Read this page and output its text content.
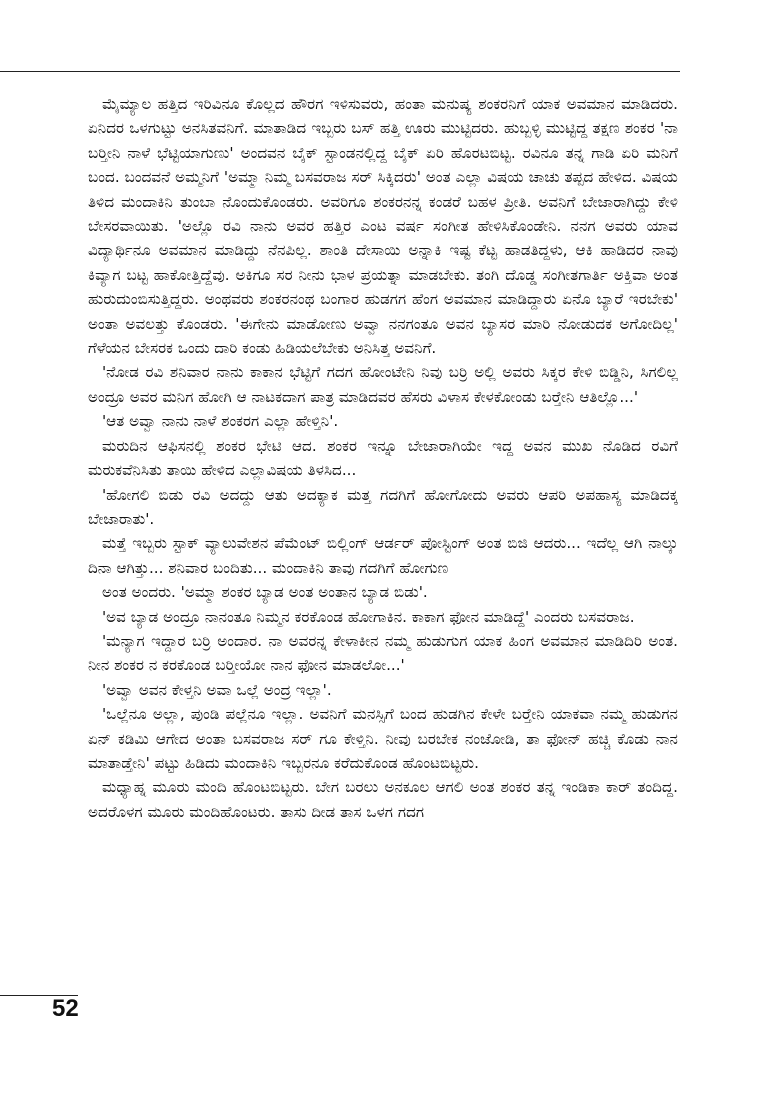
ಮೈಮ್ಯಾಲ ಹತ್ತಿದ ಇರಿವಿನೂ ಕೊಲ್ಲದ ಹೌರಗ ಇಳಿಸುವರು, ಹಂತಾ ಮನುಷ್ಯ ಶಂಕರನಿಗೆ ಯಾಕ ಅವಮಾನ ಮಾಡಿದರು. ಏನಿದರ ಒಳಗುಟ್ಟು ಅನಸಿತವನಿಗೆ. ಮಾತಾಡಿದ ಇಬ್ಬರು ಬಸ್ ಹತ್ತಿ ಊರು ಮುಟ್ಟಿದರು. ಹುಬ್ಬಳ್ಳಿ ಮುಟ್ಟಿದ್ದ ತಕ್ಷಣ ಶಂಕರ 'ನಾ ಬರ್‍ತೀನಿ ನಾಳೆ ಭೆಟ್ಟಿಯಾಗುಣು' ಅಂದವನ ಬೈಕ್ ಸ್ಟಾಂಡನಲ್ಲಿದ್ದ ಬೈಕ್ ಏರಿ ಹೊರಟಬಿಟ್ಟ. ರವಿನೂ ತನ್ನ ಗಾಡಿ ಏರಿ ಮನಿಗೆ ಬಂದ. ಬಂದವನೆ ಅಮ್ಮನಿಗೆ 'ಅಮ್ಮಾ ನಿಮ್ಮ ಬಸವರಾಜ ಸರ್ ಸಿಕ್ಕಿದರು' ಅಂತ ಎಲ್ಲಾ ವಿಷಯ ಚಾಚು ತಪ್ಪದ ಹೇಳಿದ. ವಿಷಯ ತಿಳಿದ ಮಂದಾಕಿನಿ ತುಂಬಾ ನೊಂದುಕೊಂಡರು. ಅವರಿಗೂ ಶಂಕರನನ್ನ ಕಂಡರೆ ಬಹಳ ಪ್ರೀತಿ. ಅವನಿಗೆ ಬೇಜಾರಾಗಿದ್ದು ಕೇಳಿ ಬೇಸರವಾಯಿತು. 'ಅಲ್ಲೊ ರವಿ ನಾನು ಅವರ ಹತ್ತಿರ ಎಂಟ ವರ್ಷ ಸಂಗೀತ ಹೇಳಿಸಿಕೊಂಡೇನಿ. ನನಗ ಅವರು ಯಾವ ವಿದ್ಯಾರ್ಥಿನೂ ಅವಮಾನ ಮಾಡಿದ್ದು ನೆನಪಿಲ್ಲ. ಶಾಂತಿ ದೇಸಾಯಿ ಅನ್ನಾಕಿ ಇಷ್ಟ ಕೆಟ್ಟ ಹಾಡತಿದ್ದಳು, ಆಕಿ ಹಾಡಿದರ ನಾವು ಕಿವ್ಯಾಗ ಬಟ್ಟ ಹಾಕೋತ್ತಿದ್ದೆವು. ಅಕಿಗೂ ಸರ ನೀನು ಭಾಳ ಪ್ರಯತ್ನಾ ಮಾಡಬೇಕು. ತಂಗಿ ದೊಡ್ಡ ಸಂಗೀತಗಾರ್ತಿ ಅಕ್ತಿವಾ ಅಂತ ಹುರುದುಂಬಿಸುತ್ತಿದ್ದರು. ಅಂಥವರು ಶಂಕರನಂಥ ಬಂಗಾರ ಹುಡಗಗ ಹೆಂಗ ಅವಮಾನ ಮಾಡಿದ್ದಾರು ಏನೊ ಬ್ಯಾರೆ ಇರಬೇಕು' ಅಂತಾ ಅವಲತ್ತು ಕೊಂಡರು. 'ಈಗೇನು ಮಾಡೋಣು ಅವ್ವಾ ನನಗಂತೂ ಅವನ ಬ್ಯಾಸರ ಮಾರಿ ನೋಡುದಕ ಅಗೋದಿಲ್ಲ' ಗೆಳೆಯನ ಬೇಸರಕ ಒಂದು ದಾರಿ ಕಂಡು ಹಿಡಿಯಲೆಬೇಕು ಅನಿಸಿತ್ತ ಅವನಿಗೆ.

'ನೋಡ ರವಿ ಶನಿವಾರ ನಾನು ಕಾಕಾನ ಭೆಟ್ಟಿಗೆ ಗದಗ ಹೋಂಟೇನಿ ನಿವು ಬರ್‍ರಿ ಅಲ್ಲಿ ಅವರು ಸಿಕ್ಕರ ಕೇಳಿ ಬಿಡ್ಡಿನಿ, ಸಿಗಲಿಲ್ಲ ಅಂದ್ರೂ ಅವರ ಮನಿಗ ಹೋಗಿ ಆ ನಾಟಕದಾಗ ಪಾತ್ರ ಮಾಡಿದವರ ಹೆಸರು ವಿಳಾಸ ಕೇಳಕೋಂಡು ಬರ್‍ತೇನಿ ಆತಿಲ್ಲೊ...'

'ಆತ ಅವ್ವಾ ನಾನು ನಾಳೆ ಶಂಕರಗ ಎಲ್ಲಾ ಹೇಳ್ತಿನಿ'.

ಮರುದಿನ ಆಫಿಸನಲ್ಲಿ ಶಂಕರ ಭೇಟಿ ಆದ. ಶಂಕರ ಇನ್ನೂ ಬೇಜಾರಾಗಿಯೇ ಇದ್ದ ಅವನ ಮುಖ ನೊಡಿದ ರವಿಗೆ ಮರುಕವೆನಿಸಿತು ತಾಯಿ ಹೇಳಿದ ಎಲ್ಲಾವಿಷಯ ತಿಳಸಿದ...

'ಹೋಗಲಿ ಬಿಡು ರವಿ ಅದದ್ದು ಆತು ಅದಕ್ಯಾಕ ಮತ್ತ ಗದಗಿಗೆ ಹೋಗೋದು ಅವರು ಆಪರಿ ಅಪಹಾಸ್ಯ ಮಾಡಿದಕ್ಕ ಬೇಜಾರಾತು'.

ಮತ್ತೆ ಇಬ್ಬರು ಸ್ಟಾಕ್ ವ್ಯಾಲುವೇಶನ ಪೆಮೆಂಟ್ ಬಿಲ್ಲಿಂಗ್ ಆರ್ಡರ್ ಪೋಸ್ಟಿಂಗ್ ಅಂತ ಬಿಜಿ ಆದರು... ಇದೆಲ್ಲ ಆಗಿ ನಾಲ್ಕು ದಿನಾ ಆಗಿತ್ತು... ಶನಿವಾರ ಬಂದಿತು... ಮಂದಾಕಿನಿ ತಾವು ಗದಗಿಗೆ ಹೋಗುಣ

ಅಂತ ಅಂದರು. 'ಅಮ್ಮಾ ಶಂಕರ ಬ್ಯಾಡ ಅಂತ ಅಂತಾನ ಬ್ಯಾಡ ಬಿಡು'.

'ಅವ ಬ್ಯಾಡ ಅಂದ್ರೂ ನಾನಂತೂ ನಿಮ್ಮನ ಕರಕೊಂಡ ಹೋಗಾಕಿನ. ಕಾಕಾಗ ಫೋನ ಮಾಡಿದ್ದೆ' ಎಂದರು ಬಸವರಾಜ.

'ಮನ್ಯಾಗ ಇದ್ದಾರ ಬರ್‍ರಿ ಅಂದಾರ. ನಾ ಅವರನ್ನ ಕೇಳಾಕೀನ ನಮ್ಮ ಹುಡುಗುಗ ಯಾಕ ಹಿಂಗ ಅವಮಾನ ಮಾಡಿದಿರಿ ಅಂತ. ನೀನ ಶಂಕರ ನ ಕರಕೊಂಡ ಬರ್‍ತೀಯೋ ನಾನ ಫೋನ ಮಾಡಲೋ...'

'ಅವ್ವಾ ಅವನ ಕೇಳ್ತನಿ ಅವಾ ಒಲ್ಲೆ ಅಂದ್ರ ಇಲ್ಲಾ'.

'ಒಲ್ಲೆನೂ ಅಲ್ಲಾ, ಪುಂಡಿ ಪಲ್ಲೆನೂ ಇಲ್ಲಾ. ಅವನಿಗೆ ಮನಸ್ಸಿಗೆ ಬಂದ ಹುಡಗಿನ ಕೇಳೇ ಬರ್‍ತೇನಿ ಯಾಕವಾ ನಮ್ಮ ಹುಡುಗನ ಏನ್ ಕಡಿಮಿ ಆಗೇದ ಅಂತಾ ಬಸವರಾಜ ಸರ್ ಗೂ ಕೇಳ್ತಿನಿ. ನೀವು ಬರಬೇಕ ನಂಜೋಡಿ, ತಾ ಫೋನ್ ಹಚ್ಚಿ ಕೊಡು ನಾನ ಮಾತಾಡ್ತೇನಿ' ಪಟ್ಟು ಹಿಡಿದು ಮಂದಾಕಿನಿ ಇಬ್ಬರನೂ ಕರೆದುಕೊಂಡ ಹೊಂಟಬಿಟ್ಟರು.

ಮಧ್ಯಾಹ್ನ ಮೂರು ಮಂದಿ ಹೊಂಟಬಿಟ್ಟರು. ಬೇಗ ಬರಲು ಅನಕೂಲ ಆಗಲಿ ಅಂತ ಶಂಕರ ತನ್ನ ಇಂಡಿಕಾ ಕಾರ್ ತಂದಿದ್ದ. ಅದರೊಳಗ ಮೂರು ಮಂದಿಹೊಂಟರು. ತಾಸು ದೀಡ ತಾಸ ಒಳಗ ಗದಗ

52
